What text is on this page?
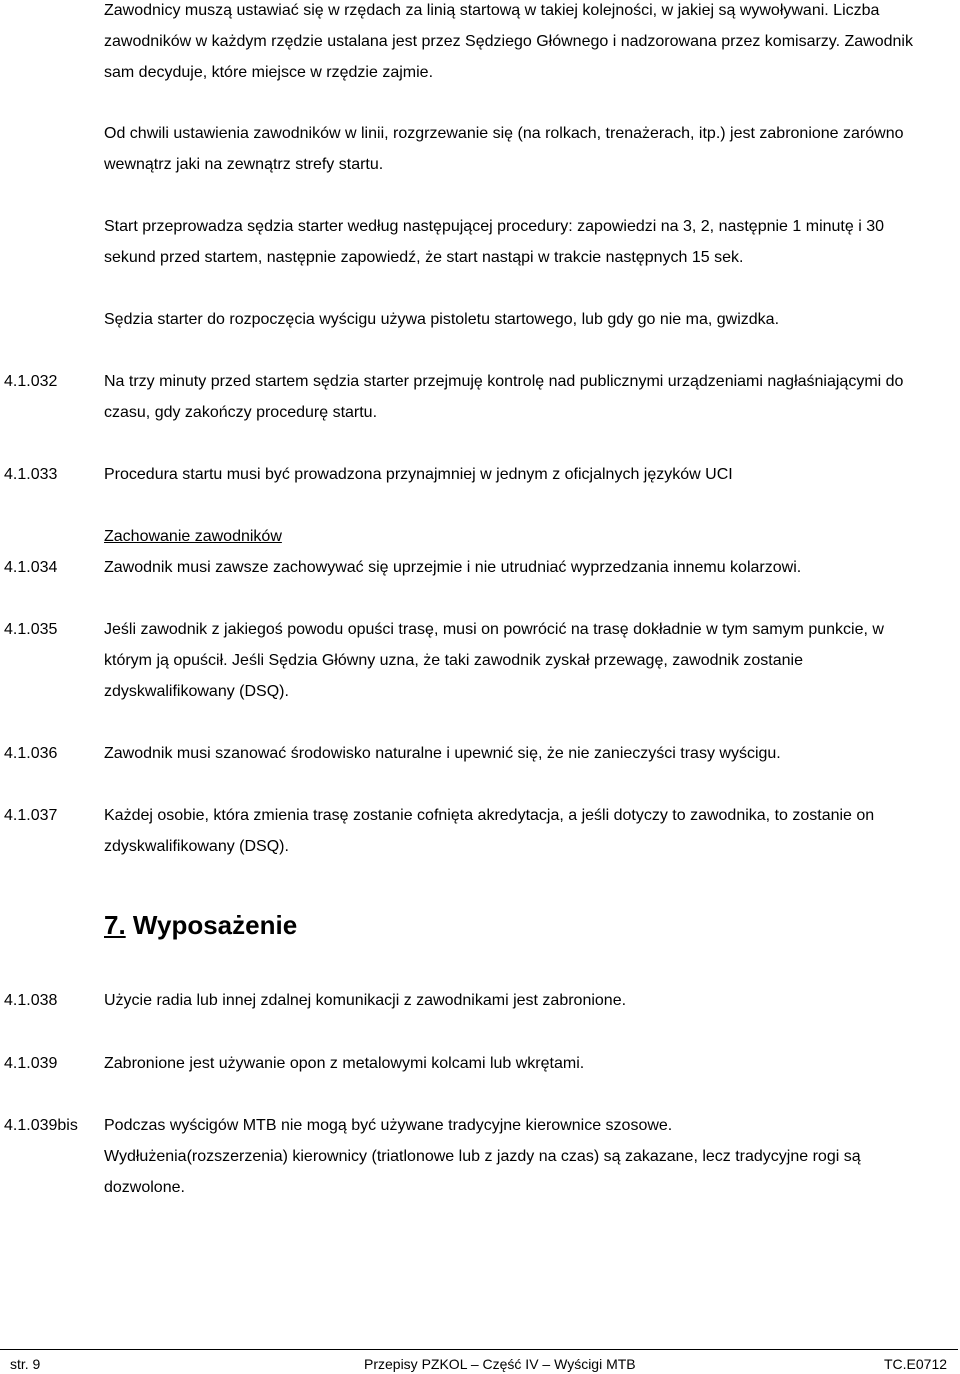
Zawodnicy muszą ustawiać się w rzędach za linią startową w takiej kolejności, w jakiej są wywoływani. Liczba zawodników w każdym rzędzie ustalana jest przez Sędziego Głównego i nadzorowana przez komisarzy. Zawodnik sam decyduje, które miejsce w rzędzie zajmie.
Od chwili ustawienia zawodników w linii, rozgrzewanie się (na rolkach, trenażerach, itp.) jest zabronione zarówno wewnątrz jaki na zewnątrz strefy startu.
Start przeprowadza sędzia starter według następującej procedury: zapowiedzi na 3, 2, następnie 1 minutę i 30 sekund przed startem, następnie zapowiedź, że start nastąpi w trakcie następnych 15 sek.
Sędzia starter do rozpoczęcia wyścigu używa pistoletu startowego, lub gdy go nie ma, gwizdka.
4.1.032	Na trzy minuty przed startem sędzia starter przejmuję kontrolę nad publicznymi urządzeniami nagłaśniającymi do czasu, gdy zakończy procedurę startu.
4.1.033	Procedura startu musi być prowadzona przynajmniej w jednym z oficjalnych języków UCI
Zachowanie zawodników
4.1.034	Zawodnik musi zawsze zachowywać się uprzejmie i nie utrudniać wyprzedzania innemu kolarzowi.
4.1.035	Jeśli zawodnik z jakiegoś powodu opuści trasę, musi on powrócić na trasę dokładnie w tym samym punkcie, w którym ją opuścił. Jeśli Sędzia Główny uzna, że taki zawodnik zyskał przewagę, zawodnik zostanie zdyskwalifikowany (DSQ).
4.1.036	Zawodnik musi szanować środowisko naturalne i upewnić się, że nie zanieczyści trasy wyścigu.
4.1.037	Każdej osobie, która zmienia trasę zostanie cofnięta akredytacja, a jeśli dotyczy to zawodnika, to zostanie on zdyskwalifikowany (DSQ).
7. Wyposażenie
4.1.038	Użycie radia lub innej zdalnej komunikacji z zawodnikami jest zabronione.
4.1.039	Zabronione jest używanie opon z metalowymi kolcami lub wkrętami.
4.1.039bis Podczas wyścigów MTB nie mogą być używane tradycyjne kierownice szosowe.
Wydłużenia(rozszerzenia) kierownicy (triatlonowe lub z jazdy na czas) są zakazane, lecz tradycyjne rogi są dozwolone.
str. 9	Przepisy PZKOL – Część IV – Wyścigi MTB	TC.E0712
